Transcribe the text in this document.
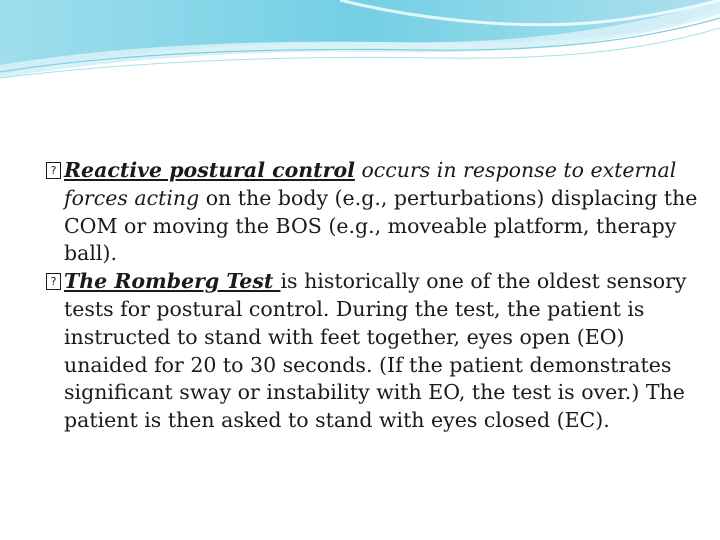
? Reactive postural control occurs in response to external forces acting on the body (e.g., perturbations) displacing the COM or moving the BOS (e.g., moveable platform, therapy ball).

? The Romberg Test is historically one of the oldest sensory tests for postural control. During the test, the patient is instructed to stand with feet together, eyes open (EO) unaided for 20 to 30 seconds. (If the patient demonstrates significant sway or instability with EO, the test is over.) The patient is then asked to stand with eyes closed (EC).
